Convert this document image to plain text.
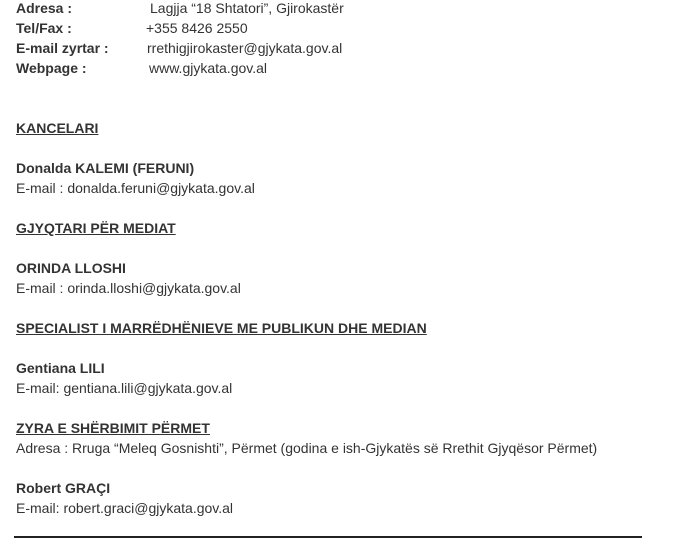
Adresa :	Lagjja “18 Shtatori”, Gjirokastër
Tel/Fax :	+355 8426 2550
E-mail zyrtar :	rrethigjirokaster@gjykata.gov.al
Webpage :	www.gjykata.gov.al
KANCELARI
Donalda KALEMI (FERUNI)
E-mail : donalda.feruni@gjykata.gov.al
GJYQTARI PËR MEDIAT
ORINDA LLOSHI
E-mail : orinda.lloshi@gjykata.gov.al
SPECIALIST I MARRËDHËNIEVE ME PUBLIKUN DHE MEDIAN
Gentiana LILI
E-mail: gentiana.lili@gjykata.gov.al
ZYRA E SHËRBIMIT PËRMET
Adresa : Rruga “Meleq Gosnishti”, Përmet (godina e ish-Gjykatës së Rrethit Gjyqësor Përmet)
Robert GRAÇI
E-mail: robert.graci@gjykata.gov.al
